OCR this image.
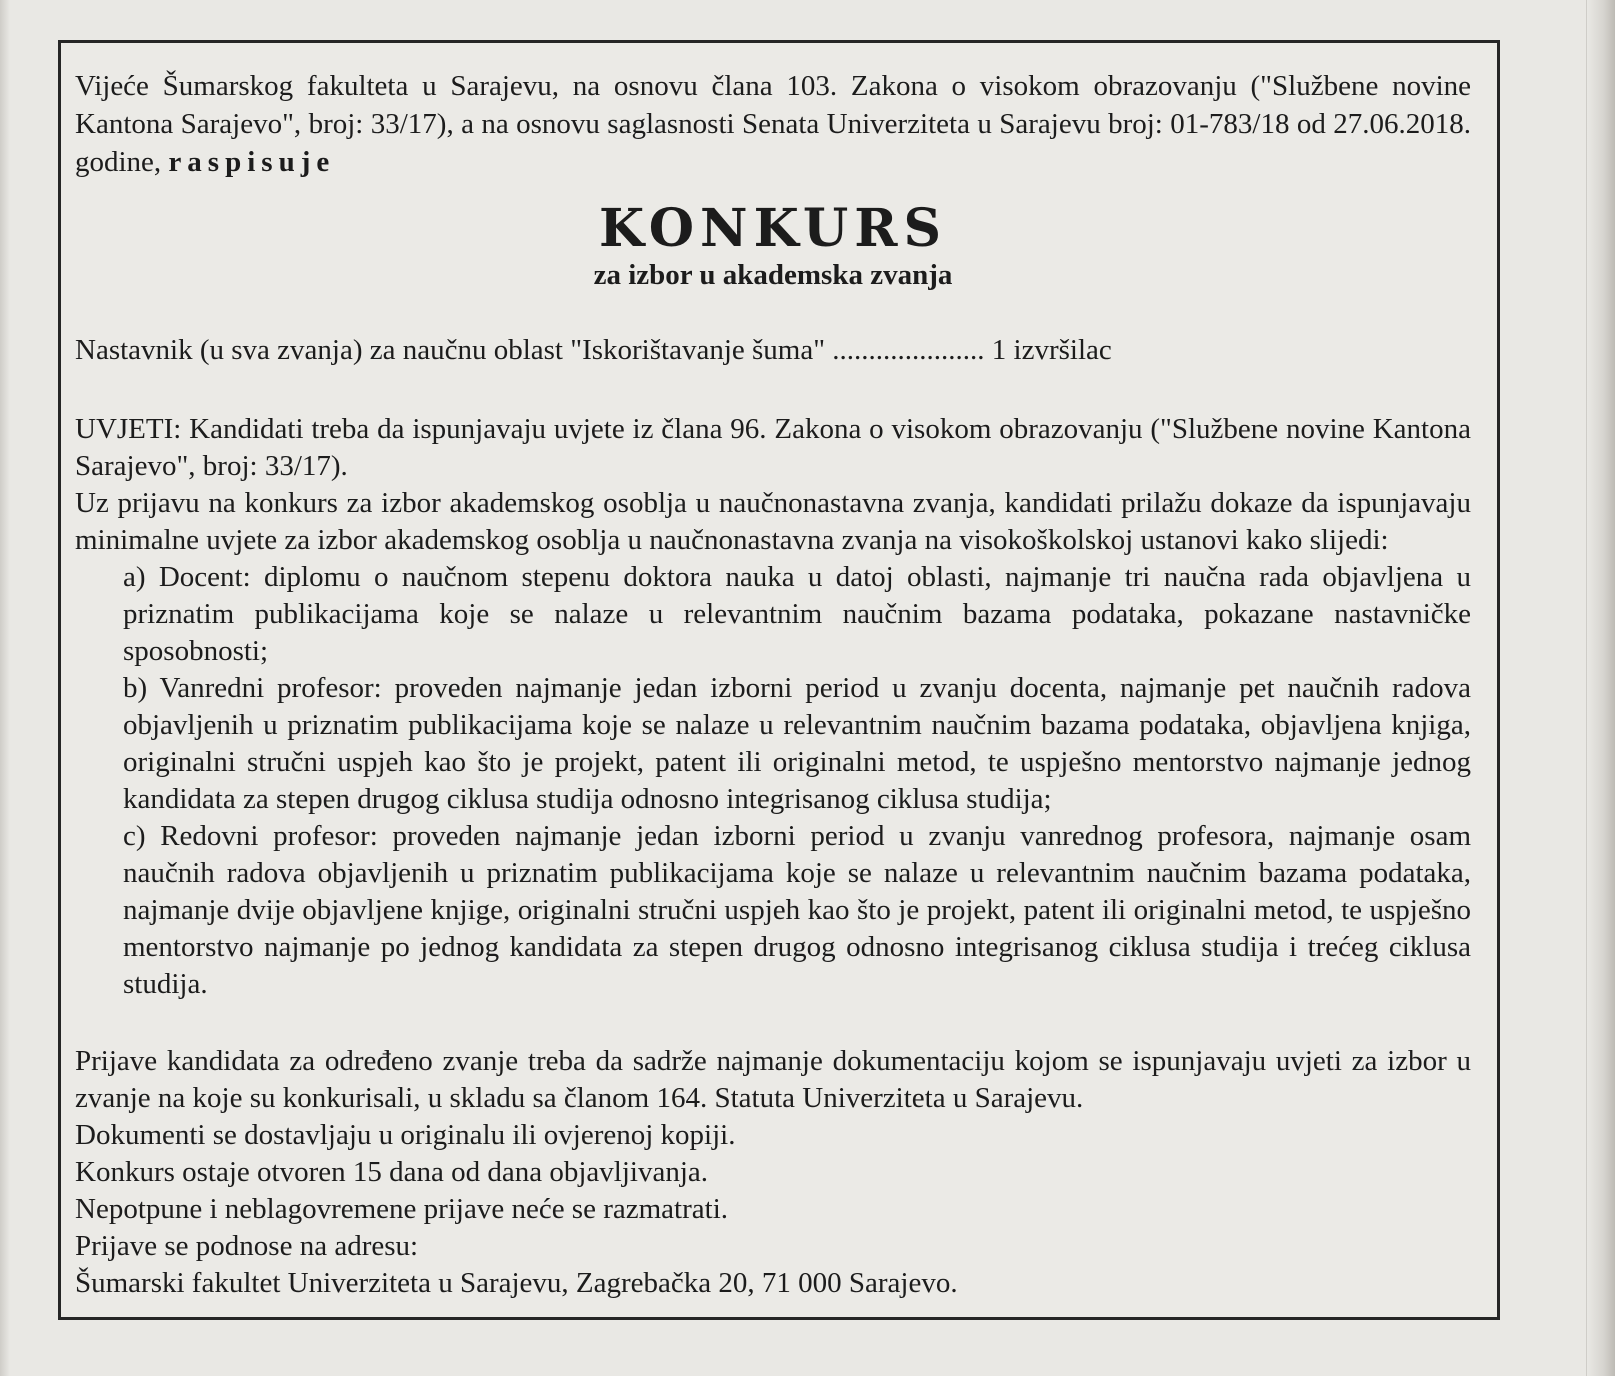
Vijeće Šumarskog fakulteta u Sarajevu, na osnovu člana 103. Zakona o visokom obrazovanju ("Službene novine Kantona Sarajevo", broj: 33/17), a na osnovu saglasnosti Senata Univerziteta u Sarajevu broj: 01-783/18 od 27.06.2018. godine, raspisuje

KONKURS
za izbor u akademska zvanja

Nastavnik (u sva zvanja) za naučnu oblast "Iskorištavanje šuma" ..................... 1 izvršilac

UVJETI: Kandidati treba da ispunjavaju uvjete iz člana 96. Zakona o visokom obrazovanju ("Službene novine Kantona Sarajevo", broj: 33/17).

Uz prijavu na konkurs za izbor akademskog osoblja u naučnonastavna zvanja, kandidati prilažu dokaze da ispunjavaju minimalne uvjete za izbor akademskog osoblja u naučnonastavna zvanja na visokoškolskoj ustanovi kako slijedi:

a) Docent: diplomu o naučnom stepenu doktora nauka u datoj oblasti, najmanje tri naučna rada objavljena u priznatim publikacijama koje se nalaze u relevantnim naučnim bazama podataka, pokazane nastavničke sposobnosti;
b) Vanredni profesor: proveden najmanje jedan izborni period u zvanju docenta, najmanje pet naučnih radova objavljenih u priznatim publikacijama koje se nalaze u relevantnim naučnim bazama podataka, objavljena knjiga, originalni stručni uspjeh kao što je projekt, patent ili originalni metod, te uspješno mentorstvo najmanje jednog kandidata za stepen drugog ciklusa studija odnosno integrisanog ciklusa studija;
c) Redovni profesor: proveden najmanje jedan izborni period u zvanju vanrednog profesora, najmanje osam naučnih radova objavljenih u priznatim publikacijama koje se nalaze u relevantnim naučnim bazama podataka, najmanje dvije objavljene knjige, originalni stručni uspjeh kao što je projekt, patent ili originalni metod, te uspješno mentorstvo najmanje po jednog kandidata za stepen drugog odnosno integrisanog ciklusa studija i trećeg ciklusa studija.

Prijave kandidata za određeno zvanje treba da sadrže najmanje dokumentaciju kojom se ispunjavaju uvjeti za izbor u zvanje na koje su konkurisali, u skladu sa članom 164. Statuta Univerziteta u Sarajevu.

Dokumenti se dostavljaju u originalu ili ovjerenoj kopiji.

Konkurs ostaje otvoren 15 dana od dana objavljivanja.

Nepotpune i neblagovremene prijave neće se razmatrati.

Prijave se podnose na adresu:

Šumarski fakultet Univerziteta u Sarajevu, Zagrebačka 20, 71 000 Sarajevo.
